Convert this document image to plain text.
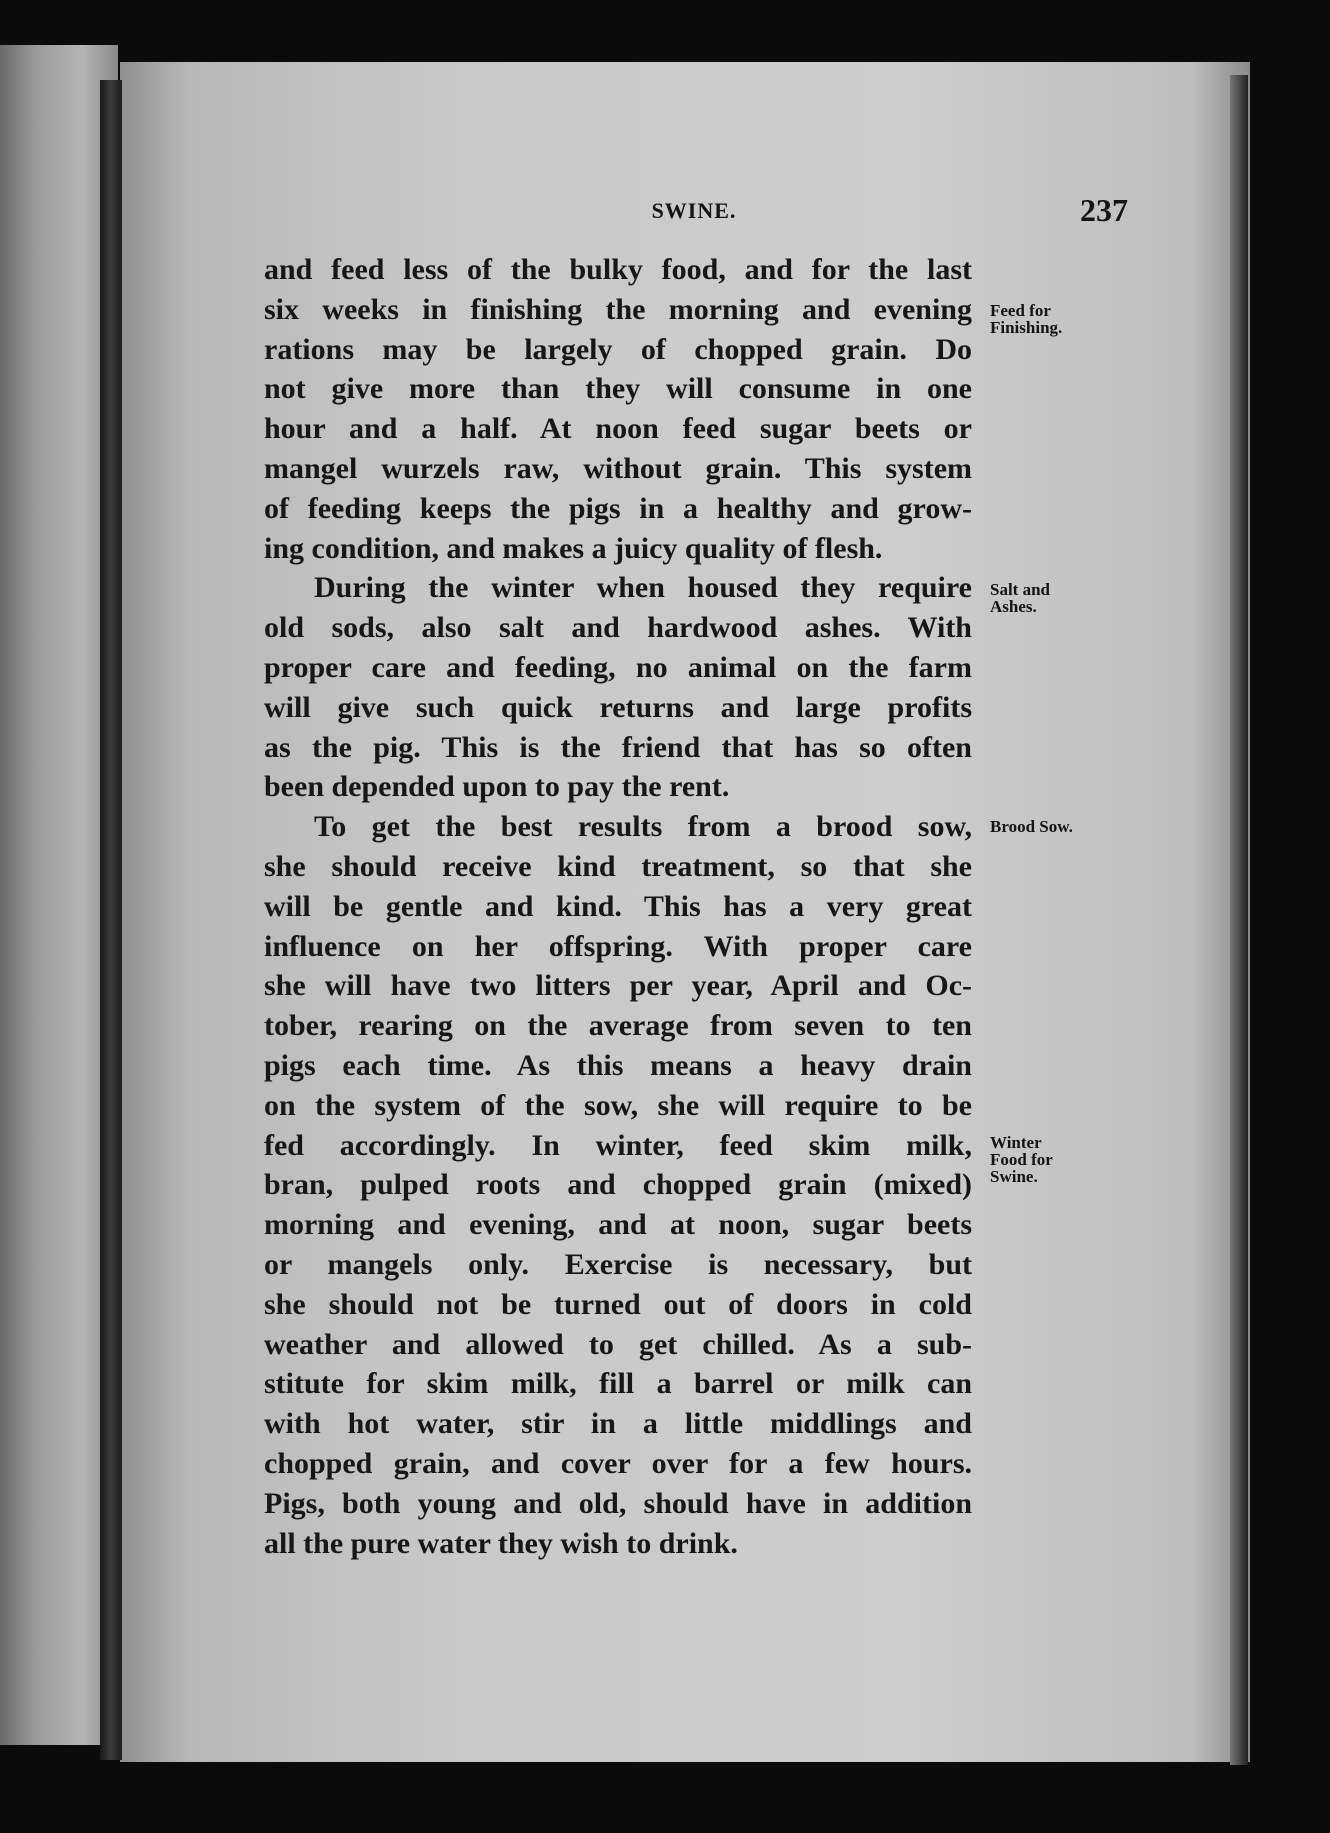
SWINE.	237
and feed less of the bulky food, and for the last
six weeks in finishing the morning and evening
rations may be largely of chopped grain. Do
not give more than they will consume in one
hour and a half. At noon feed sugar beets or
mangel wurzels raw, without grain. This system
of feeding keeps the pigs in a healthy and grow-
ing condition, and makes a juicy quality of flesh.
During the winter when housed they require
old sods, also salt and hardwood ashes. With
proper care and feeding, no animal on the farm
will give such quick returns and large profits
as the pig. This is the friend that has so often
been depended upon to pay the rent.
To get the best results from a brood sow,
she should receive kind treatment, so that she
will be gentle and kind. This has a very great
influence on her offspring. With proper care
she will have two litters per year, April and Oc-
tober, rearing on the average from seven to ten
pigs each time. As this means a heavy drain
on the system of the sow, she will require to be
fed accordingly. In winter, feed skim milk,
bran, pulped roots and chopped grain (mixed)
morning and evening, and at noon, sugar beets
or mangels only. Exercise is necessary, but
she should not be turned out of doors in cold
weather and allowed to get chilled. As a sub-
stitute for skim milk, fill a barrel or milk can
with hot water, stir in a little middlings and
chopped grain, and cover over for a few hours.
Pigs, both young and old, should have in addition
all the pure water they wish to drink.
Feed for
Finishing.
Salt and
Ashes.
Brood Sow.
Winter
Food for
Swine.
